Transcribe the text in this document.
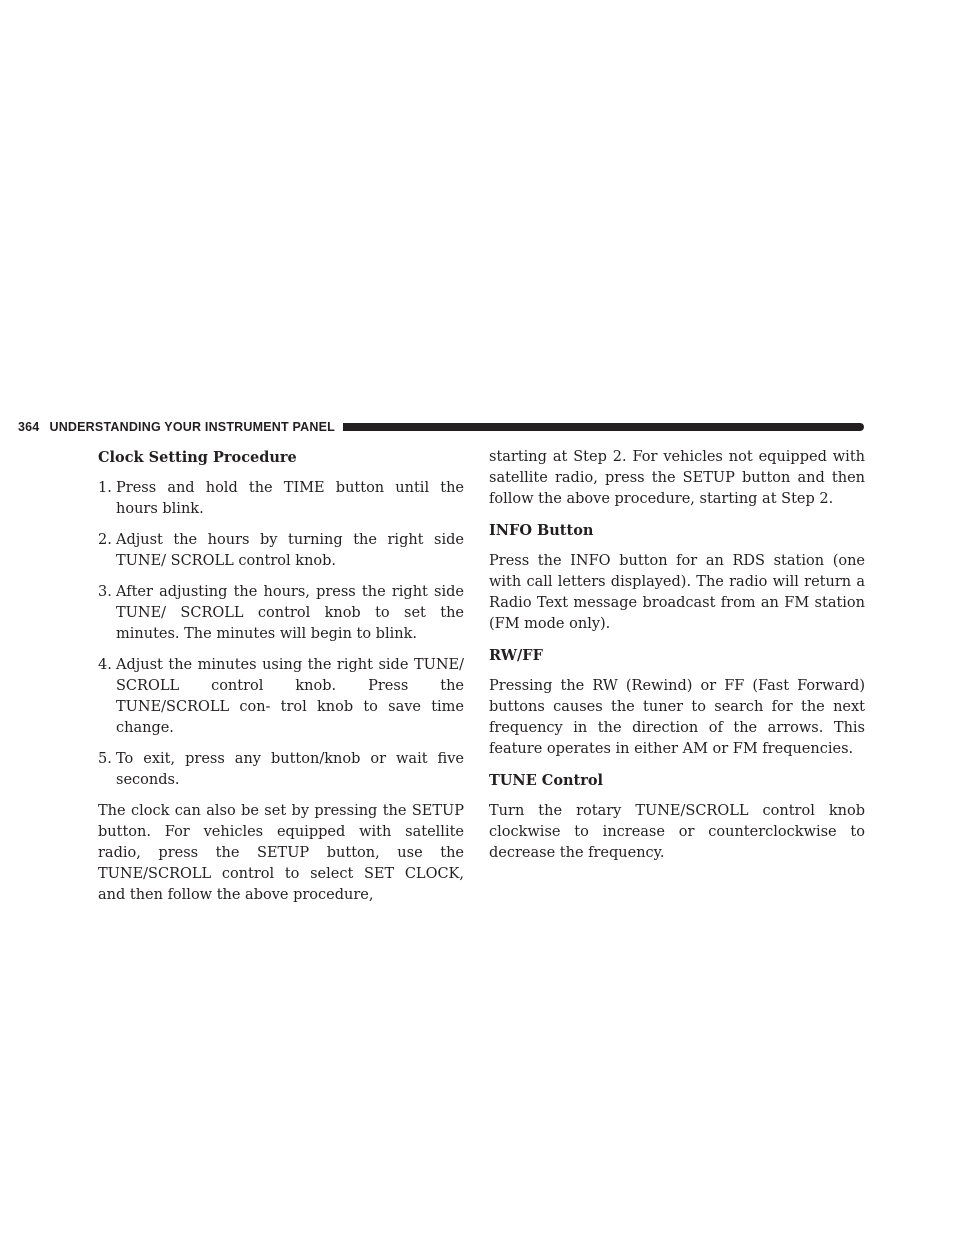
364 UNDERSTANDING YOUR INSTRUMENT PANEL
Clock Setting Procedure
1. Press and hold the TIME button until the hours blink.
2. Adjust the hours by turning the right side TUNE/ SCROLL control knob.
3. After adjusting the hours, press the right side TUNE/ SCROLL control knob to set the minutes. The minutes will begin to blink.
4. Adjust the minutes using the right side TUNE/ SCROLL control knob. Press the TUNE/SCROLL con- trol knob to save time change.
5. To exit, press any button/knob or wait five seconds.

The clock can also be set by pressing the SETUP button. For vehicles equipped with satellite radio, press the SETUP button, use the TUNE/SCROLL control to select SET CLOCK, and then follow the above procedure,

starting at Step 2. For vehicles not equipped with satellite radio, press the SETUP button and then follow the above procedure, starting at Step 2.

INFO Button

Press the INFO button for an RDS station (one with call letters displayed). The radio will return a Radio Text message broadcast from an FM station (FM mode only).

RW/FF

Pressing the RW (Rewind) or FF (Fast Forward) buttons causes the tuner to search for the next frequency in the direction of the arrows. This feature operates in either AM or FM frequencies.

TUNE Control

Turn the rotary TUNE/SCROLL control knob clockwise to increase or counterclockwise to decrease the frequency.
